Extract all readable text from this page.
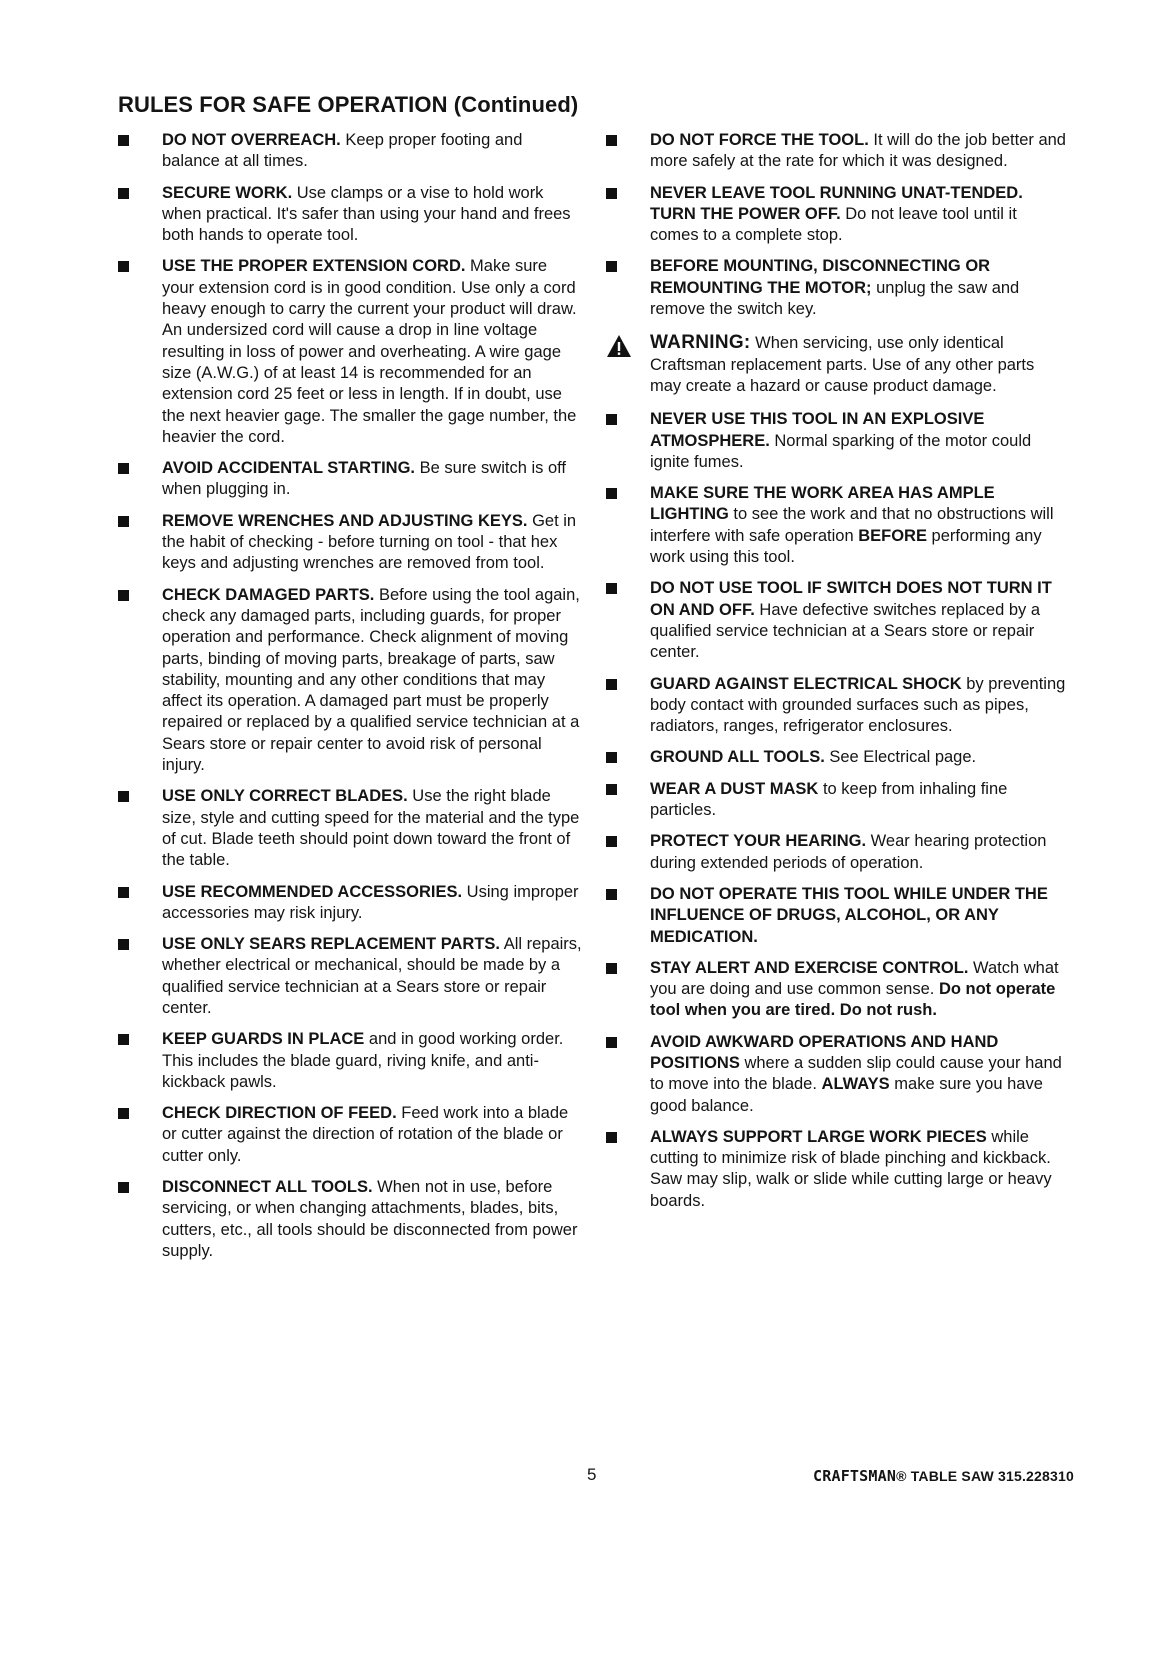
RULES FOR SAFE OPERATION (Continued)
DO NOT OVERREACH. Keep proper footing and balance at all times.
SECURE WORK. Use clamps or a vise to hold work when practical. It's safer than using your hand and frees both hands to operate tool.
USE THE PROPER EXTENSION CORD. Make sure your extension cord is in good condition. Use only a cord heavy enough to carry the current your product will draw. An undersized cord will cause a drop in line voltage resulting in loss of power and overheating. A wire gage size (A.W.G.) of at least 14 is recommended for an extension cord 25 feet or less in length. If in doubt, use the next heavier gage. The smaller the gage number, the heavier the cord.
AVOID ACCIDENTAL STARTING. Be sure switch is off when plugging in.
REMOVE WRENCHES AND ADJUSTING KEYS. Get in the habit of checking - before turning on tool - that hex keys and adjusting wrenches are removed from tool.
CHECK DAMAGED PARTS. Before using the tool again, check any damaged parts, including guards, for proper operation and performance. Check alignment of moving parts, binding of moving parts, breakage of parts, saw stability, mounting and any other conditions that may affect its operation. A damaged part must be properly repaired or replaced by a qualified service technician at a Sears store or repair center to avoid risk of personal injury.
USE ONLY CORRECT BLADES. Use the right blade size, style and cutting speed for the material and the type of cut. Blade teeth should point down toward the front of the table.
USE RECOMMENDED ACCESSORIES. Using improper accessories may risk injury.
USE ONLY SEARS REPLACEMENT PARTS. All repairs, whether electrical or mechanical, should be made by a qualified service technician at a Sears store or repair center.
KEEP GUARDS IN PLACE and in good working order. This includes the blade guard, riving knife, and anti-kickback pawls.
CHECK DIRECTION OF FEED. Feed work into a blade or cutter against the direction of rotation of the blade or cutter only.
DISCONNECT ALL TOOLS. When not in use, before servicing, or when changing attachments, blades, bits, cutters, etc., all tools should be disconnected from power supply.
DO NOT FORCE THE TOOL. It will do the job better and more safely at the rate for which it was designed.
NEVER LEAVE TOOL RUNNING UNAT-TENDED. TURN THE POWER OFF. Do not leave tool until it comes to a complete stop.
BEFORE MOUNTING, DISCONNECTING OR REMOUNTING THE MOTOR; unplug the saw and remove the switch key.
WARNING: When servicing, use only identical Craftsman replacement parts. Use of any other parts may create a hazard or cause product damage.
NEVER USE THIS TOOL IN AN EXPLOSIVE ATMOSPHERE. Normal sparking of the motor could ignite fumes.
MAKE SURE THE WORK AREA HAS AMPLE LIGHTING to see the work and that no obstructions will interfere with safe operation BEFORE performing any work using this tool.
DO NOT USE TOOL IF SWITCH DOES NOT TURN IT ON AND OFF. Have defective switches replaced by a qualified service technician at a Sears store or repair center.
GUARD AGAINST ELECTRICAL SHOCK by preventing body contact with grounded surfaces such as pipes, radiators, ranges, refrigerator enclosures.
GROUND ALL TOOLS. See Electrical page.
WEAR A DUST MASK to keep from inhaling fine particles.
PROTECT YOUR HEARING. Wear hearing protection during extended periods of operation.
DO NOT OPERATE THIS TOOL WHILE UNDER THE INFLUENCE OF DRUGS, ALCOHOL, OR ANY MEDICATION.
STAY ALERT AND EXERCISE CONTROL. Watch what you are doing and use common sense. Do not operate tool when you are tired. Do not rush.
AVOID AWKWARD OPERATIONS AND HAND POSITIONS where a sudden slip could cause your hand to move into the blade. ALWAYS make sure you have good balance.
ALWAYS SUPPORT LARGE WORK PIECES while cutting to minimize risk of blade pinching and kickback. Saw may slip, walk or slide while cutting large or heavy boards.
5	CRAFTSMAN® TABLE SAW 315.228310
